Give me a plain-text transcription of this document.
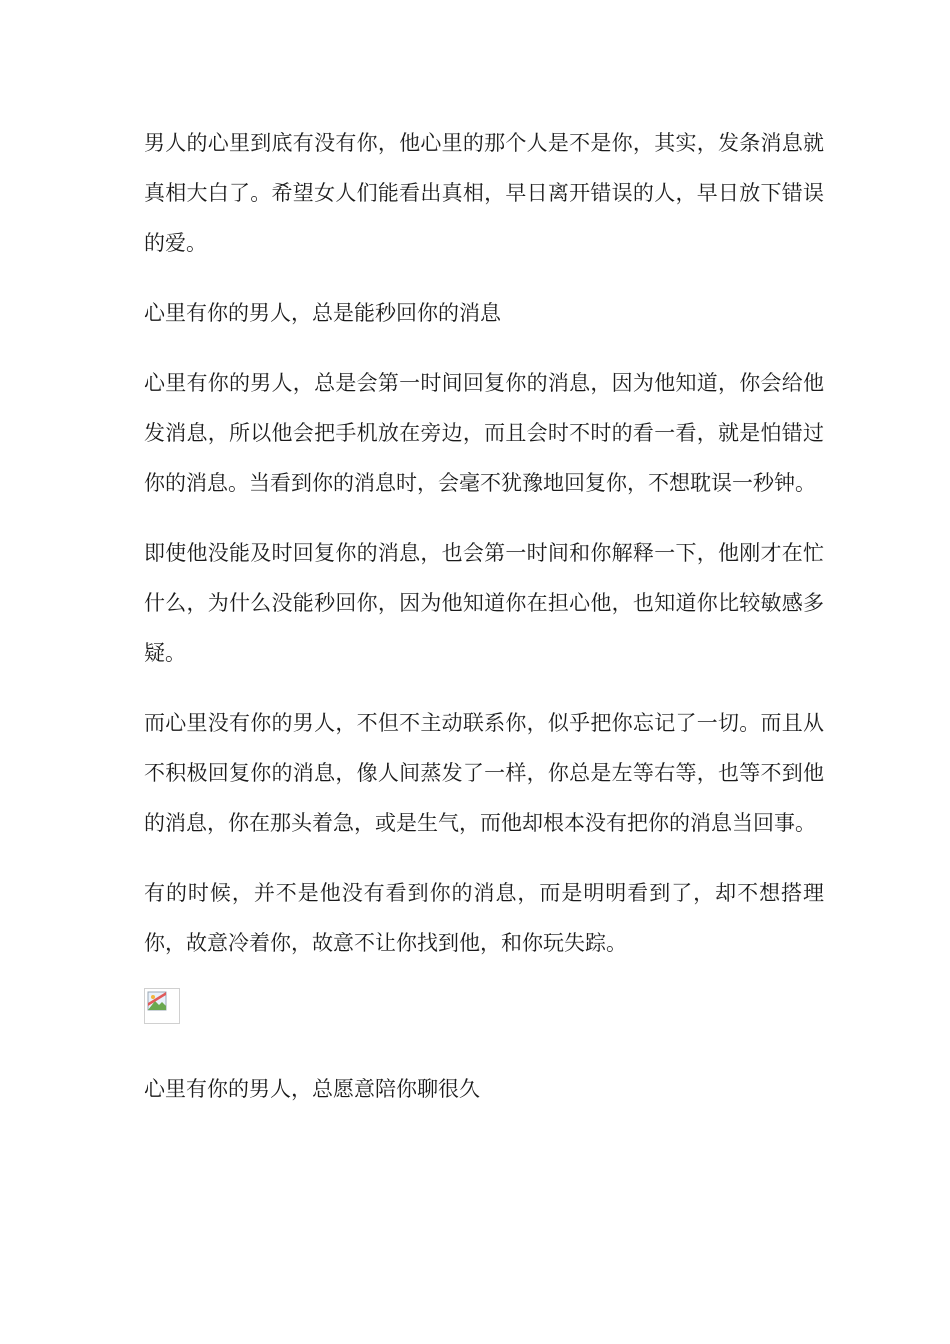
男人的心里到底有没有你，他心里的那个人是不是你，其实，发条消息就真相大白了。希望女人们能看出真相，早日离开错误的人，早日放下错误的爱。

心里有你的男人，总是能秒回你的消息

心里有你的男人，总是会第一时间回复你的消息，因为他知道，你会给他发消息，所以他会把手机放在旁边，而且会时不时的看一看，就是怕错过你的消息。当看到你的消息时，会毫不犹豫地回复你，不想耽误一秒钟。

即使他没能及时回复你的消息，也会第一时间和你解释一下，他刚才在忙什么，为什么没能秒回你，因为他知道你在担心他，也知道你比较敏感多疑。

而心里没有你的男人，不但不主动联系你，似乎把你忘记了一切。而且从不积极回复你的消息，像人间蒸发了一样，你总是左等右等，也等不到他的消息，你在那头着急，或是生气，而他却根本没有把你的消息当回事。

有的时候，并不是他没有看到你的消息，而是明明看到了，却不想搭理你，故意冷着你，故意不让你找到他，和你玩失踪。

心里有你的男人，总愿意陪你聊很久
